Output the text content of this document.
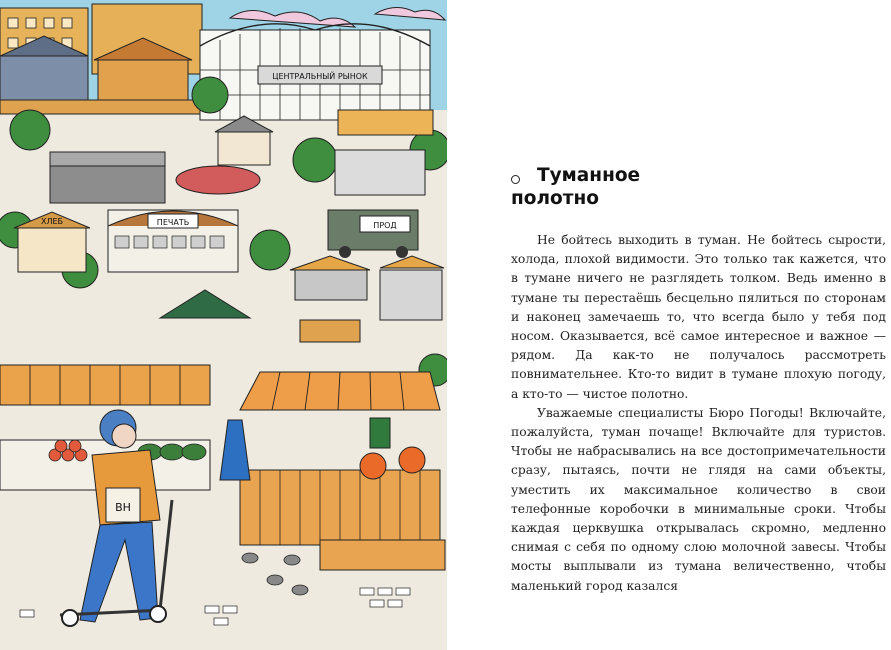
ЦЕНТРАЛЬНЫЙ РЫНОК
ХЛЕБ	ПЕЧАТЬ	ПРОД
ВН
Туманное
полотно

Не бойтесь выходить в туман. Не бойтесь сырости, холода, плохой видимости. Это только так кажется, что в тумане ничего не разглядеть толком. Ведь именно в тумане ты перестаёшь бесцельно пялиться по сторонам и наконец замечаешь то, что всегда было у тебя под носом. Оказывается, всё самое интересное и важное — рядом. Да как-то не получалось рассмотреть повнимательнее. Кто-то видит в тумане плохую погоду, а кто-то — чистое полотно.

Уважаемые специалисты Бюро Погоды! Включайте, пожалуйста, туман почаще! Включайте для туристов. Чтобы не набрасывались на все достопримечательности сразу, пытаясь, почти не глядя на сами объекты, уместить их максимальное количество в свои телефонные коробочки в минимальные сроки. Чтобы каждая церквушка открывалась скромно, медленно снимая с себя по одному слою молочной завесы. Чтобы мосты выплывали из тумана величественно, чтобы маленький город казался
